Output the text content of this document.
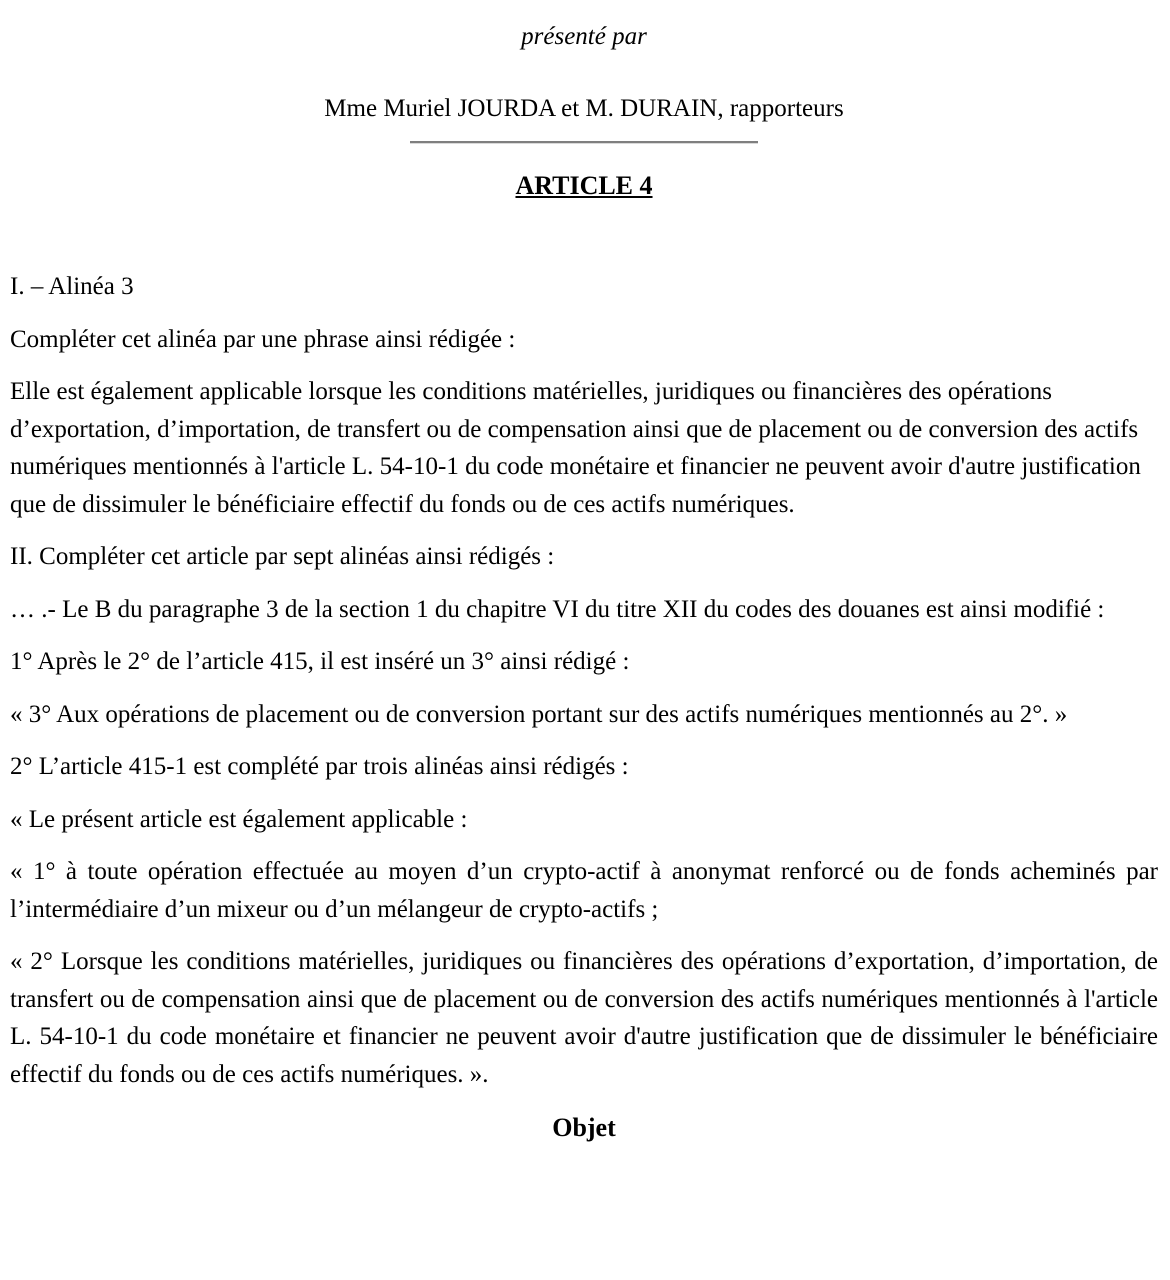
présenté par

Mme Muriel JOURDA et M. DURAIN, rapporteurs

ARTICLE 4

I. – Alinéa 3

Compléter cet alinéa par une phrase ainsi rédigée :

Elle est également applicable lorsque les conditions matérielles, juridiques ou financières des opérations d’exportation, d’importation, de transfert ou de compensation ainsi que de placement ou de conversion des actifs numériques mentionnés à l'article L. 54-10-1 du code monétaire et financier ne peuvent avoir d'autre justification que de dissimuler le bénéficiaire effectif du fonds ou de ces actifs numériques.

II. Compléter cet article par sept alinéas ainsi rédigés :

… .- Le B du paragraphe 3 de la section 1 du chapitre VI du titre XII du codes des douanes est ainsi modifié :

1° Après le 2° de l’article 415, il est inséré un 3° ainsi rédigé :

« 3° Aux opérations de placement ou de conversion portant sur des actifs numériques mentionnés au 2°. »

2° L’article 415-1 est complété par trois alinéas ainsi rédigés :

« Le présent article est également applicable :

« 1° à toute opération effectuée au moyen d’un crypto-actif à anonymat renforcé ou de fonds acheminés par l’intermédiaire d’un mixeur ou d’un mélangeur de crypto-actifs ;

« 2° Lorsque les conditions matérielles, juridiques ou financières des opérations d’exportation, d’importation, de transfert ou de compensation ainsi que de placement ou de conversion des actifs numériques mentionnés à l'article L. 54-10-1 du code monétaire et financier ne peuvent avoir d'autre justification que de dissimuler le bénéficiaire effectif du fonds ou de ces actifs numériques. ».

Objet
